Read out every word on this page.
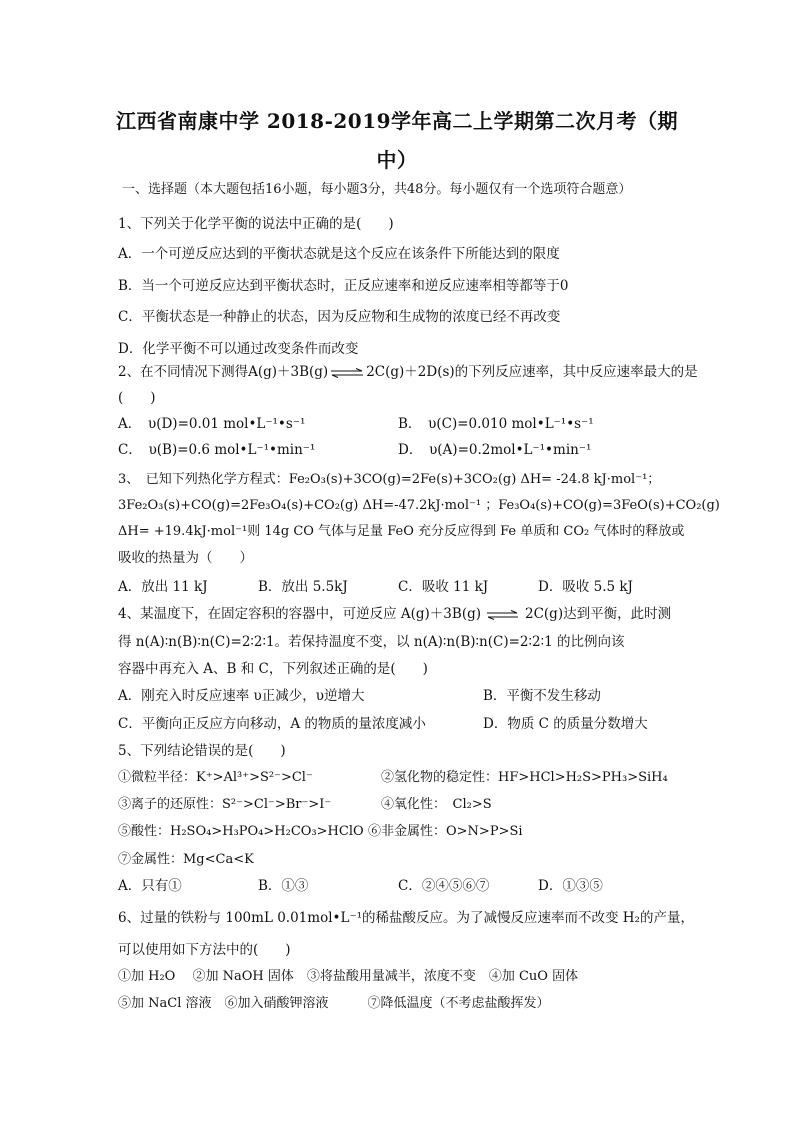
江西省南康中学 2018-2019学年高二上学期第二次月考（期
中）
一、选择题（本大题包括16小题，每小题3分，共48分。每小题仅有一个选项符合题意）
1、下列关于化学平衡的说法中正确的是(　　)
A．一个可逆反应达到的平衡状态就是这个反应在该条件下所能达到的限度
B．当一个可逆反应达到平衡状态时，正反应速率和逆反应速率相等都等于0
C．平衡状态是一种静止的状态，因为反应物和生成物的浓度已经不再改变
D．化学平衡不可以通过改变条件而改变
2、在不同情况下测得A(g)＋3B(g) ⇌ 2C(g)＋2D(s)的下列反应速率，其中反应速率最大的是
(　　)
A．　υ(D)=0.01 mol•L⁻¹•s⁻¹	B．　υ(C)=0.010 mol•L⁻¹•s⁻¹
C．　υ(B)=0.6 mol•L⁻¹•min⁻¹	D．　υ(A)=0.2mol•L⁻¹•min⁻¹
3、　已知下列热化学方程式：Fe₂O₃(s)+3CO(g)=2Fe(s)+3CO₂(g) ΔH= -24.8 kJ·mol⁻¹；
3Fe₂O₃(s)+CO(g)=2Fe₃O₄(s)+CO₂(g) ΔH=-47.2kJ·mol⁻¹ ；Fe₃O₄(s)+CO(g)=3FeO(s)+CO₂(g)
ΔH= +19.4kJ·mol⁻¹则 14g CO 气体与足量 FeO 充分反应得到 Fe 单质和 CO₂ 气体时的释放或
吸收的热量为（　　）
A．放出 11 kJ	B．放出 5.5kJ	C．吸收 11 kJ	D．吸收 5.5 kJ
4、某温度下，在固定容积的容器中，可逆反应 A(g)＋3B(g) ⇌ 2C(g)达到平衡，此时测
得 n(A)∶n(B)∶n(C)=2∶2∶1。若保持温度不变，以 n(A)∶n(B)∶n(C)=2∶2∶1 的比例向该
容器中再充入 A、B 和 C，下列叙述正确的是(　　)
A．刚充入时反应速率 υ正减少，υ逆增大	B．平衡不发生移动
C．平衡向正反应方向移动，A 的物质的量浓度减小	D．物质 C 的质量分数增大
5、下列结论错误的是(　　)
①微粒半径：K⁺>Al³⁺>S²⁻>Cl⁻	②氢化物的稳定性：HF>HCl>H₂S>PH₃>SiH₄
③离子的还原性：S²⁻>Cl⁻>Br⁻>I⁻	④氧化性：　Cl₂>S
⑤酸性：H₂SO₄>H₃PO₄>H₂CO₃>HClO ⑥非金属性：O>N>P>Si
⑦金属性：Mg<Ca<K
A．只有①	B．①③	C．②④⑤⑥⑦	D．①③⑤
6、过量的铁粉与 100mL 0.01mol•L⁻¹的稀盐酸反应。为了减慢反应速率而不改变 H₂的产量，
可以使用如下方法中的(　　)
①加 H₂O　 ②加 NaOH 固体　③将盐酸用量减半，浓度不变　④加 CuO 固体
⑤加 NaCl 溶液　⑥加入硝酸钾溶液　　　⑦降低温度（不考虑盐酸挥发）
